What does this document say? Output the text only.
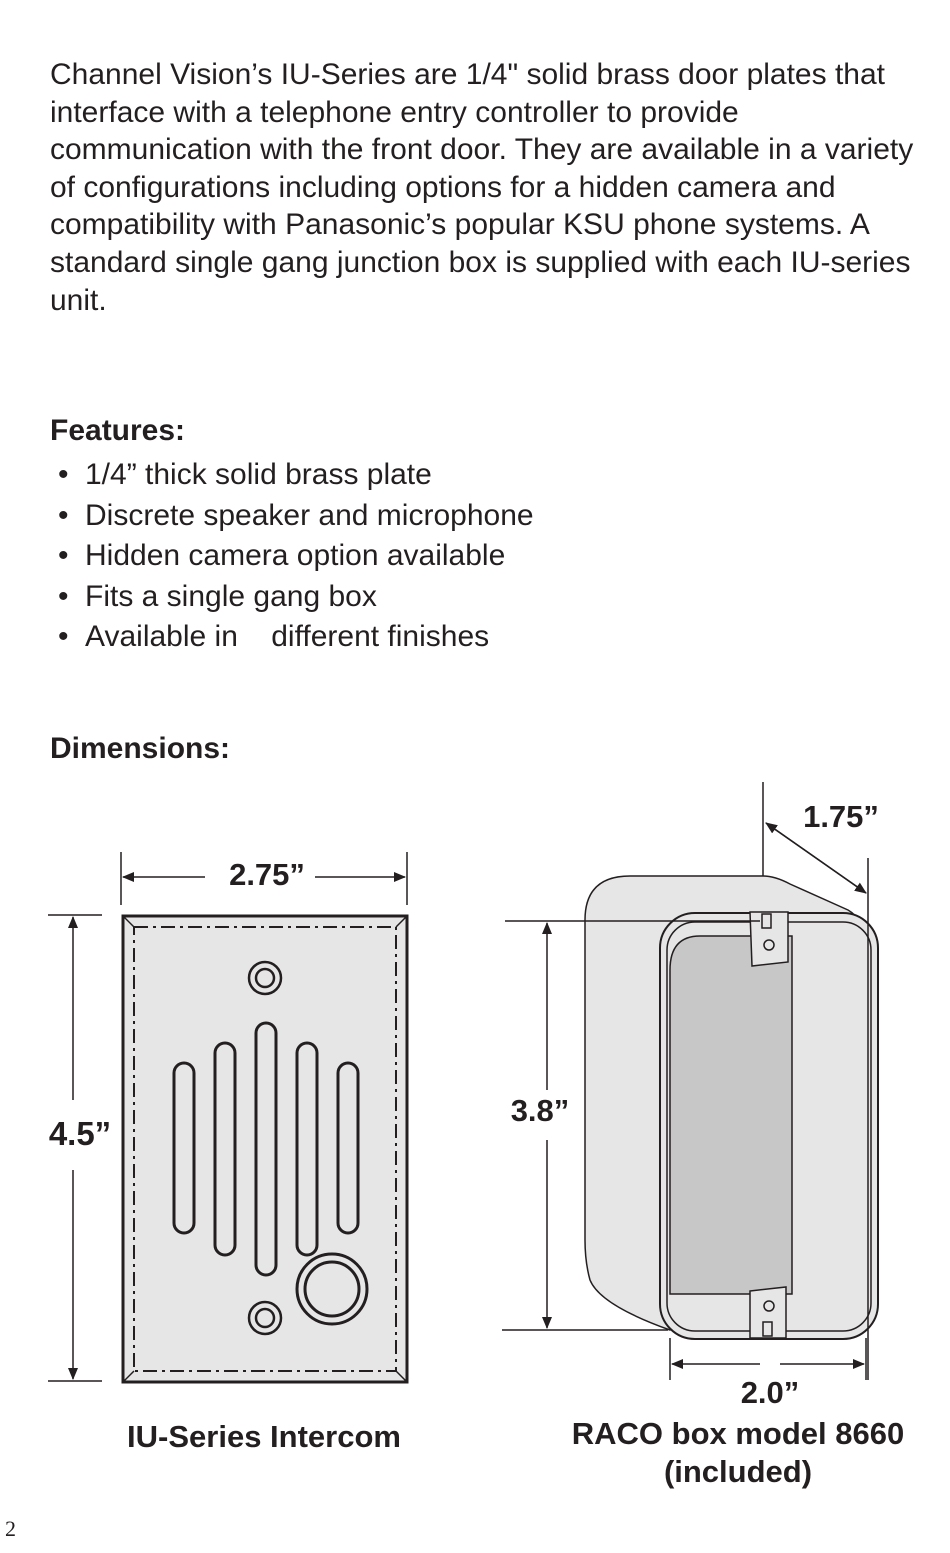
Channel Vision’s IU-Series are 1/4" solid brass door plates that interface with a telephone entry controller to provide communication with the front door. They are available in a variety of configurations including options for a hidden camera and compatibility with Panasonic’s popular KSU phone systems. A standard single gang junction box is supplied with each IU-series unit.
Features:
• 1/4” thick solid brass plate
• Discrete speaker and microphone
• Hidden camera option available
• Fits a single gang box
• Available in    different finishes
Dimensions:
2.75”
4.5”
IU-Series Intercom
1.75”
3.8”
2.0”
RACO box model 8660
(included)
2
